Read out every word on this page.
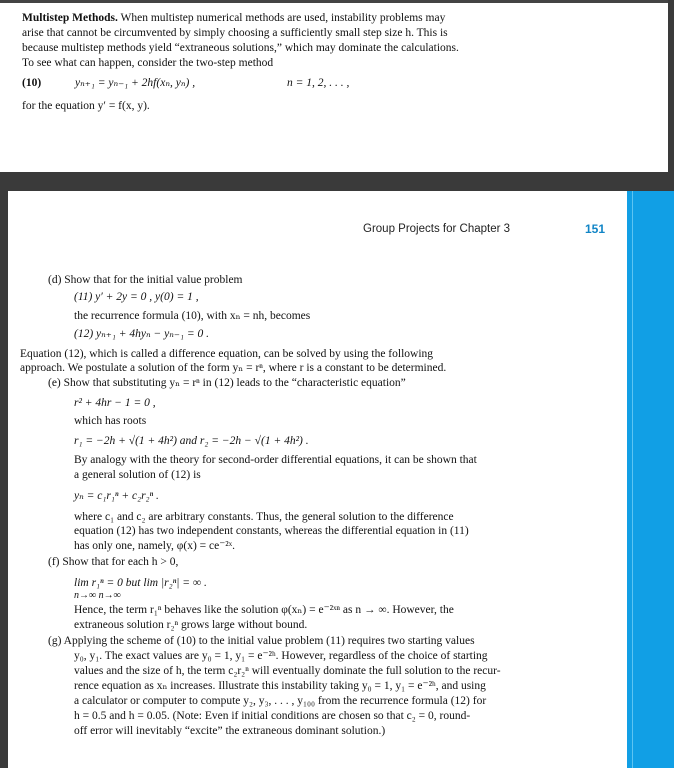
Multistep Methods. When multistep numerical methods are used, instability problems may
arise that cannot be circumvented by simply choosing a sufficiently small step size h. This is
because multistep methods yield “extraneous solutions,” which may dominate the calculations.
To see what can happen, consider the two-step method
(10)	yₙ₊₁ = yₙ₋₁ + 2hf(xₙ, yₙ) ,	n = 1, 2, . . . ,
for the equation y′ = f(x, y).
Group Projects for Chapter 3	151
(d) Show that for the initial value problem
(11) y′ + 2y = 0 , y(0) = 1 ,
the recurrence formula (10), with xₙ = nh, becomes
(12) yₙ₊₁ + 4hyₙ − yₙ₋₁ = 0 .
Equation (12), which is called a difference equation, can be solved by using the following
approach. We postulate a solution of the form yₙ = rⁿ, where r is a constant to be determined.
(e) Show that substituting yₙ = rⁿ in (12) leads to the “characteristic equation”
r² + 4hr − 1 = 0 ,
which has roots
r₁ = −2h + √(1 + 4h²) and r₂ = −2h − √(1 + 4h²) .
By analogy with the theory for second-order differential equations, it can be shown that
a general solution of (12) is
yₙ = c₁r₁ⁿ + c₂r₂ⁿ .
where c₁ and c₂ are arbitrary constants. Thus, the general solution to the difference
equation (12) has two independent constants, whereas the differential equation in (11)
has only one, namely, φ(x) = ce⁻²ˣ.
(f) Show that for each h > 0,
lim r₁ⁿ = 0 but lim |r₂ⁿ| = ∞ .
n→∞ n→∞
Hence, the term r₁ⁿ behaves like the solution φ(xₙ) = e⁻²ˣⁿ as n → ∞. However, the
extraneous solution r₂ⁿ grows large without bound.
(g) Applying the scheme of (10) to the initial value problem (11) requires two starting values
y₀, y₁. The exact values are y₀ = 1, y₁ = e⁻²ʰ. However, regardless of the choice of starting
values and the size of h, the term c₂r₂ⁿ will eventually dominate the full solution to the recur-
rence equation as xₙ increases. Illustrate this instability taking y₀ = 1, y₁ = e⁻²ʰ, and using
a calculator or computer to compute y₂, y₃, . . . , y₁₀₀ from the recurrence formula (12) for
h = 0.5 and h = 0.05. (Note: Even if initial conditions are chosen so that c₂ = 0, round-
off error will inevitably “excite” the extraneous dominant solution.)
